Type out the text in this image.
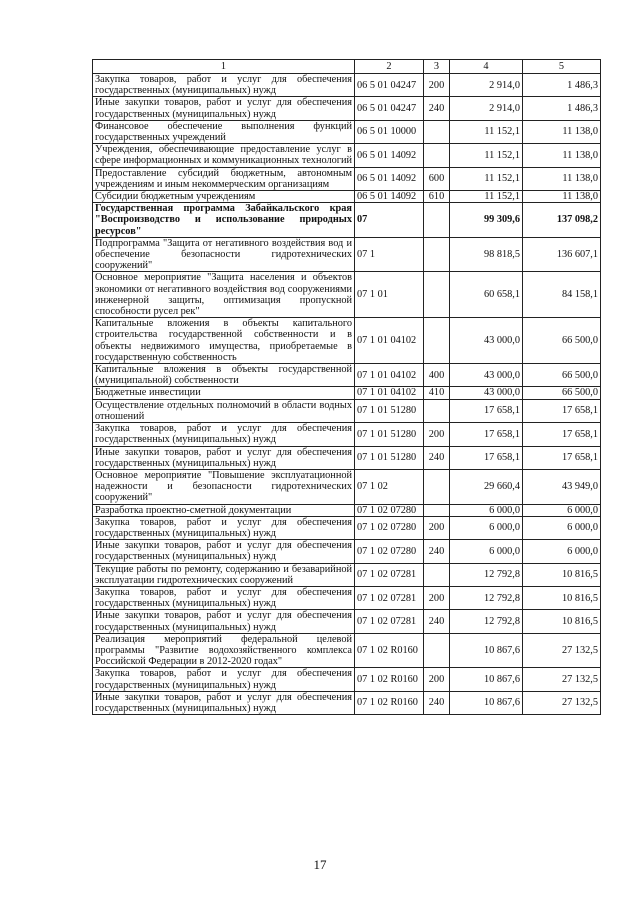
1	2	3	4	5
Закупка товаров, работ и услуг для обеспечения государственных (муниципальных) нужд	06 5 01 04247	200	2 914,0	1 486,3
Иные закупки товаров, работ и услуг для обеспечения государственных (муниципальных) нужд	06 5 01 04247	240	2 914,0	1 486,3
Финансовое обеспечение выполнения функций государственных учреждений	06 5 01 10000		11 152,1	11 138,0
Учреждения, обеспечивающие предоставление услуг в сфере информационных и коммуникационных технологий	06 5 01 14092		11 152,1	11 138,0
Предоставление субсидий бюджетным, автономным учреждениям и иным некоммерческим организациям	06 5 01 14092	600	11 152,1	11 138,0
Субсидии бюджетным учреждениям	06 5 01 14092	610	11 152,1	11 138,0
Государственная программа Забайкальского края "Воспроизводство и использование природных ресурсов"	07		99 309,6	137 098,2
Подпрограмма "Защита от негативного воздействия вод и обеспечение безопасности гидротехнических сооружений"	07 1		98 818,5	136 607,1
Основное мероприятие "Защита населения и объектов экономики от негативного воздействия вод сооружениями инженерной защиты, оптимизация пропускной способности русел рек"	07 1 01		60 658,1	84 158,1
Капитальные вложения в объекты капитального строительства государственной собственности и в объекты недвижимого имущества, приобретаемые в государственную собственность	07 1 01 04102		43 000,0	66 500,0
Капитальные вложения в объекты государственной (муниципальной) собственности	07 1 01 04102	400	43 000,0	66 500,0
Бюджетные инвестиции	07 1 01 04102	410	43 000,0	66 500,0
Осуществление отдельных полномочий в области водных отношений	07 1 01 51280		17 658,1	17 658,1
Закупка товаров, работ и услуг для обеспечения государственных (муниципальных) нужд	07 1 01 51280	200	17 658,1	17 658,1
Иные закупки товаров, работ и услуг для обеспечения государственных (муниципальных) нужд	07 1 01 51280	240	17 658,1	17 658,1
Основное мероприятие "Повышение эксплуатационной надежности и безопасности гидротехнических сооружений"	07 1 02		29 660,4	43 949,0
Разработка проектно-сметной документации	07 1 02 07280		6 000,0	6 000,0
Закупка товаров, работ и услуг для обеспечения государственных (муниципальных) нужд	07 1 02 07280	200	6 000,0	6 000,0
Иные закупки товаров, работ и услуг для обеспечения государственных (муниципальных) нужд	07 1 02 07280	240	6 000,0	6 000,0
Текущие работы по ремонту, содержанию и безаварийной эксплуатации гидротехнических сооружений	07 1 02 07281		12 792,8	10 816,5
Закупка товаров, работ и услуг для обеспечения государственных (муниципальных) нужд	07 1 02 07281	200	12 792,8	10 816,5
Иные закупки товаров, работ и услуг для обеспечения государственных (муниципальных) нужд	07 1 02 07281	240	12 792,8	10 816,5
Реализация мероприятий федеральной целевой программы "Развитие водохозяйственного комплекса Российской Федерации в 2012-2020 годах"	07 1 02 R0160		10 867,6	27 132,5
Закупка товаров, работ и услуг для обеспечения государственных (муниципальных) нужд	07 1 02 R0160	200	10 867,6	27 132,5
Иные закупки товаров, работ и услуг для обеспечения государственных (муниципальных) нужд	07 1 02 R0160	240	10 867,6	27 132,5
17
